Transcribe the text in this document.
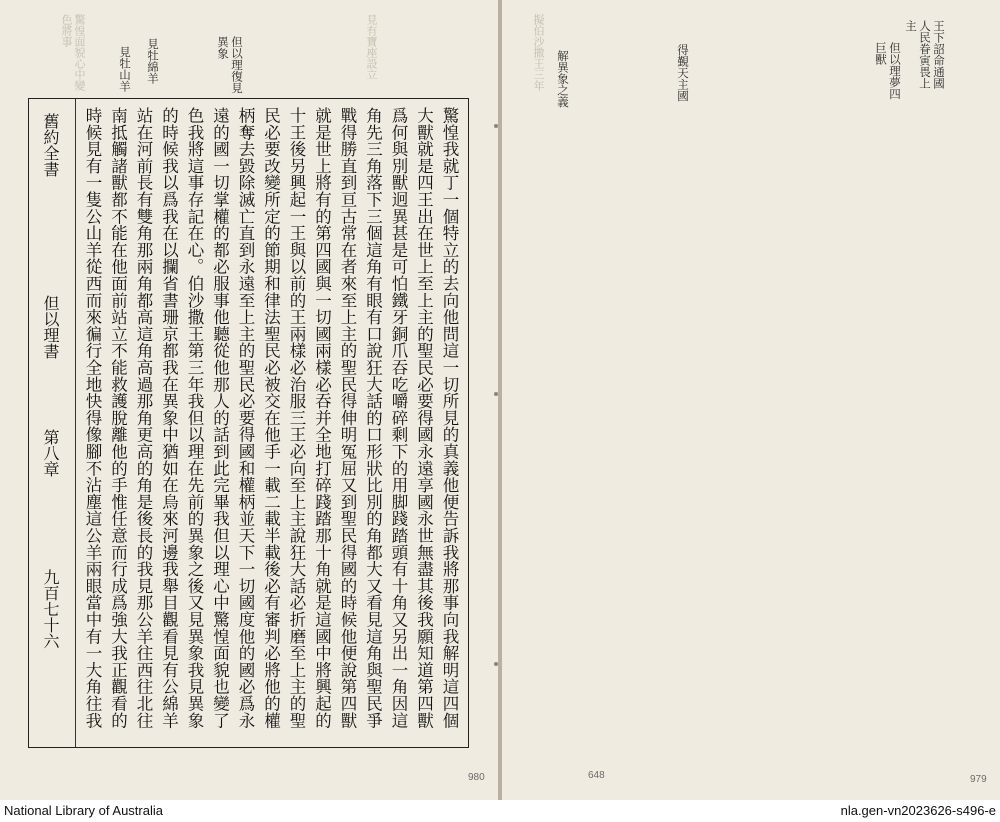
驚惶面貌心中變色將事	見有寶座設立
但以理復見異象
見牡綿羊
見牡山羊
舊約全書
但以理書
第八章
九百七十六

驚惶我就丁一個特立的去向他問這一切所見的真義他便告訴我將那事向我解明這四個大獸就是四王出在世上至上主的聖民必要得國永遠享國永世無盡其後我願知道第四獸爲何與別獸迥異甚是可怕鐵牙銅爪吞吃嚼碎剩下的用脚踐踏頭有十角又另出一角因這角先三角落下三個這角有眼有口說狂大話的口形狀比別的角都大又看見這角與聖民爭戰得勝直到亘古常在者來至上主的聖民得伸明冤屈又到聖民得國的時候他便說第四獸就是世上將有的第四國與一切國兩樣必吞并全地打碎踐踏那十角就是這國中將興起的十王後另興起一王與以前的王兩樣必治服三王必向至上主說狂大話必折磨至上主的聖民必要改變所定的節期和律法聖民必被交在他手一載二載半載後必有審判必將他的權柄奪去毀除滅亡直到永遠至上主的聖民必要得國和權柄並天下一切國度他的國必爲永遠的國一切掌權的都必服事他聽從他那人的話到此完畢我但以理心中驚惶面貌也變了色我將這事存記在心。伯沙撒王第三年我但以理在先前的異象之後又見異象我見異象的時候我以爲我在以攔省書珊京都我在異象中猶如在烏來河邊我舉目觀看見有公綿羊站在河前長有雙角那兩角都高這角高過那角更高的角是後長的我見那公羊往西往北往南抵觸諸獸都不能在他面前站立不能救護脫離他的手惟任意而行成爲強大我正觀看的時候見有一隻公山羊從西而來徧行全地快得像腳不沾塵這公羊兩眼當中有一大角往我

980
擬伯沙撒王三年	王下詔命通國人民眷寅畏上主
但以理夢四巨獸
得覲天主國
解異象之義

648	979
National Library of Australia	nla.gen-vn2023626-s496-e
